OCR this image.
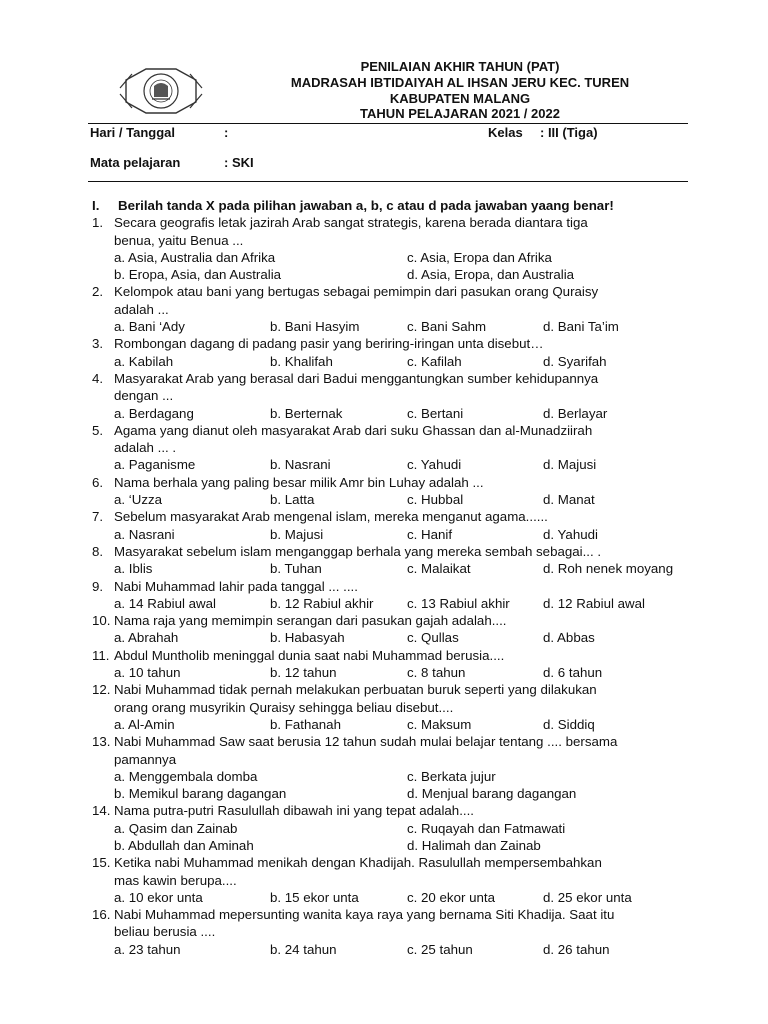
PENILAIAN AKHIR TAHUN (PAT)
MADRASAH IBTIDAIYAH AL IHSAN JERU KEC. TUREN
KABUPATEN MALANG
TAHUN PELAJARAN 2021 / 2022
Hari / Tanggal	:	Kelas : III (Tiga)
Mata pelajaran	: SKI
I. Berilah tanda X pada pilihan jawaban a, b, c atau d pada jawaban yaang benar!
1. Secara geografis letak jazirah Arab sangat strategis, karena berada diantara tiga
benua, yaitu Benua ...
a. Asia, Australia dan Afrika	c. Asia, Eropa dan Afrika
b. Eropa, Asia, dan Australia	d. Asia, Eropa, dan Australia
2. Kelompok atau bani yang bertugas sebagai pemimpin dari pasukan orang Quraisy
adalah ...
a. Bani ‘Ady	b. Bani Hasyim	c. Bani Sahm	d. Bani Ta’im
3. Rombongan dagang di padang pasir yang beriring-iringan unta disebut…
a. Kabilah	b. Khalifah	c. Kafilah	d. Syarifah
4. Masyarakat Arab yang berasal dari Badui menggantungkan sumber kehidupannya
dengan ...
a. Berdagang	b. Berternak	c. Bertani	d. Berlayar
5. Agama yang dianut oleh masyarakat Arab dari suku Ghassan dan al-Munadziirah
adalah ... .
a. Paganisme	b. Nasrani	c. Yahudi	d. Majusi
6. Nama berhala yang paling besar milik Amr bin Luhay adalah ...
a. ‘Uzza	b. Latta	c. Hubbal	d. Manat
7. Sebelum masyarakat Arab mengenal islam, mereka menganut agama......
a. Nasrani	b. Majusi	c. Hanif	d. Yahudi
8. Masyarakat sebelum islam menganggap berhala yang mereka sembah sebagai... .
a. Iblis	b. Tuhan	c. Malaikat	d. Roh nenek moyang
9. Nabi Muhammad lahir pada tanggal ... ....
a. 14 Rabiul awal	b. 12 Rabiul akhir	c. 13 Rabiul akhir	d. 12 Rabiul awal
10. Nama raja yang memimpin serangan dari pasukan gajah adalah....
a. Abrahah	b. Habasyah	c. Qullas	d. Abbas
11. Abdul Muntholib meninggal dunia saat nabi Muhammad berusia....
a. 10 tahun	b. 12 tahun	c. 8 tahun	d. 6 tahun
12. Nabi Muhammad tidak pernah melakukan perbuatan buruk seperti yang dilakukan
orang orang musyrikin Quraisy sehingga beliau disebut....
a. Al-Amin	b. Fathanah	c. Maksum	d. Siddiq
13. Nabi Muhammad Saw saat berusia 12 tahun sudah mulai belajar tentang .... bersama
pamannya
a. Menggembala domba	c. Berkata jujur
b. Memikul barang dagangan	d. Menjual barang dagangan
14. Nama putra-putri Rasulullah dibawah ini yang tepat adalah....
a. Qasim dan Zainab	c. Ruqayah dan Fatmawati
b. Abdullah dan Aminah	d. Halimah dan Zainab
15. Ketika nabi Muhammad menikah dengan Khadijah. Rasulullah mempersembahkan
mas kawin berupa....
a. 10 ekor unta	b. 15 ekor unta	c. 20 ekor unta	d. 25 ekor unta
16. Nabi Muhammad mepersunting wanita kaya raya yang bernama Siti Khadija. Saat itu
beliau berusia ....
a. 23 tahun	b. 24 tahun	c. 25 tahun	d. 26 tahun
